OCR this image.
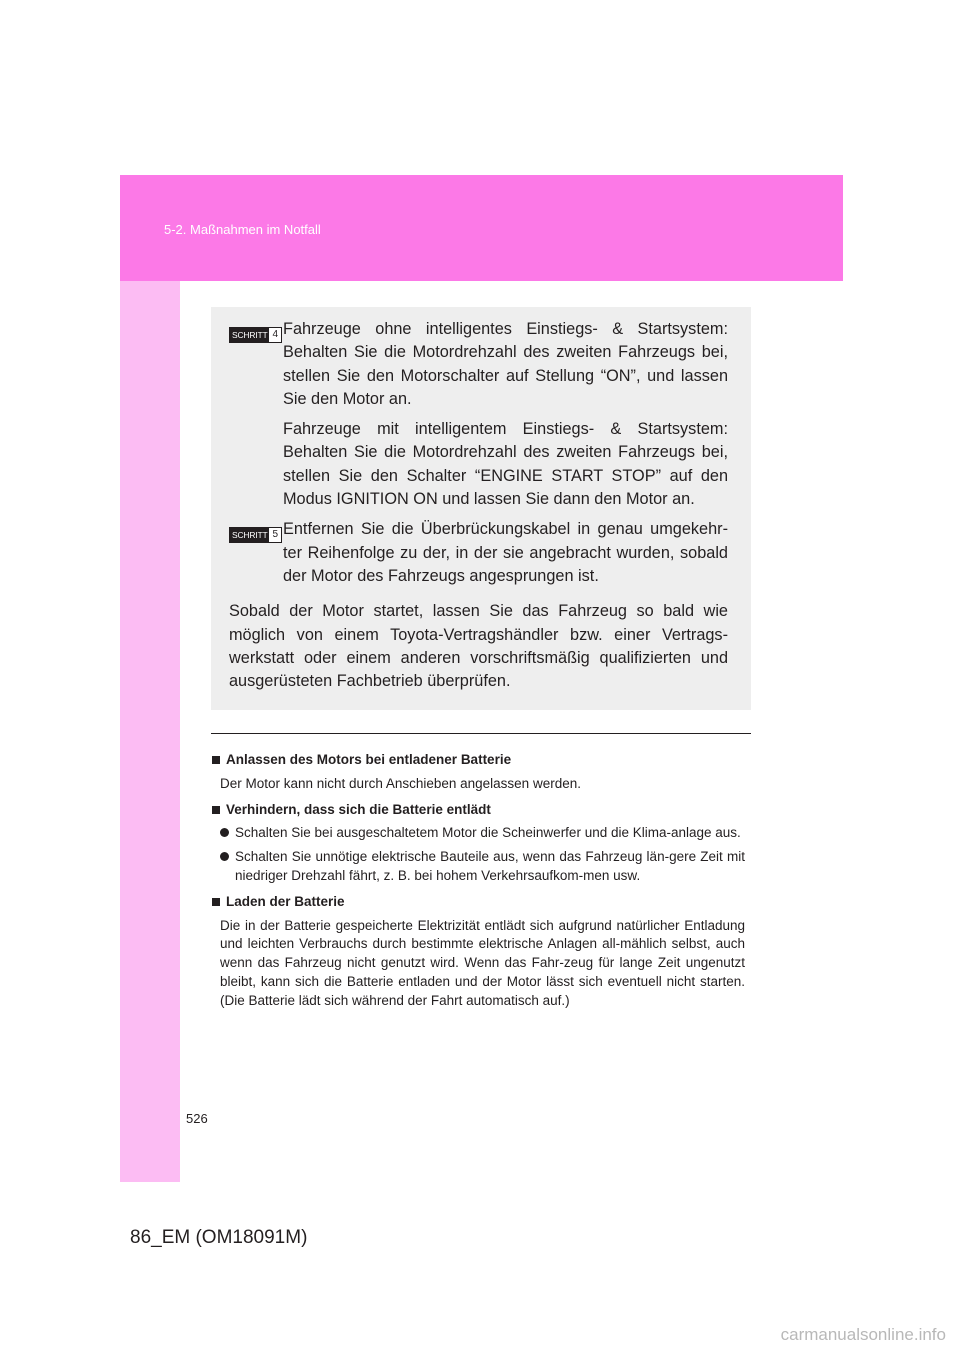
5-2. Maßnahmen im Notfall
SCHRITT 4 Fahrzeuge ohne intelligentes Einstiegs- & Startsystem: Behalten Sie die Motordrehzahl des zweiten Fahrzeugs bei, stellen Sie den Motorschalter auf Stellung “ON”, und lassen Sie den Motor an.

Fahrzeuge mit intelligentem Einstiegs- & Startsystem: Behalten Sie die Motordrehzahl des zweiten Fahrzeugs bei, stellen Sie den Schalter “ENGINE START STOP” auf den Modus IGNITION ON und lassen Sie dann den Motor an.

SCHRITT 5 Entfernen Sie die Überbrückungskabel in genau umgekehr-ter Reihenfolge zu der, in der sie angebracht wurden, sobald der Motor des Fahrzeugs angesprungen ist.

Sobald der Motor startet, lassen Sie das Fahrzeug so bald wie möglich von einem Toyota-Vertragshändler bzw. einer Vertrags-werkstatt oder einem anderen vorschriftsmäßig qualifizierten und ausgerüsteten Fachbetrieb überprüfen.

Anlassen des Motors bei entladener Batterie
Der Motor kann nicht durch Anschieben angelassen werden.
Verhindern, dass sich die Batterie entlädt
Schalten Sie bei ausgeschaltetem Motor die Scheinwerfer und die Klima-anlage aus.
Schalten Sie unnötige elektrische Bauteile aus, wenn das Fahrzeug län-gere Zeit mit niedriger Drehzahl fährt, z. B. bei hohem Verkehrsaufkom-men usw.
Laden der Batterie
Die in der Batterie gespeicherte Elektrizität entlädt sich aufgrund natürlicher Entladung und leichten Verbrauchs durch bestimmte elektrische Anlagen all-mählich selbst, auch wenn das Fahrzeug nicht genutzt wird. Wenn das Fahr-zeug für lange Zeit ungenutzt bleibt, kann sich die Batterie entladen und der Motor lässt sich eventuell nicht starten. (Die Batterie lädt sich während der Fahrt automatisch auf.)
526
86_EM (OM18091M)
carmanualsonline.info
